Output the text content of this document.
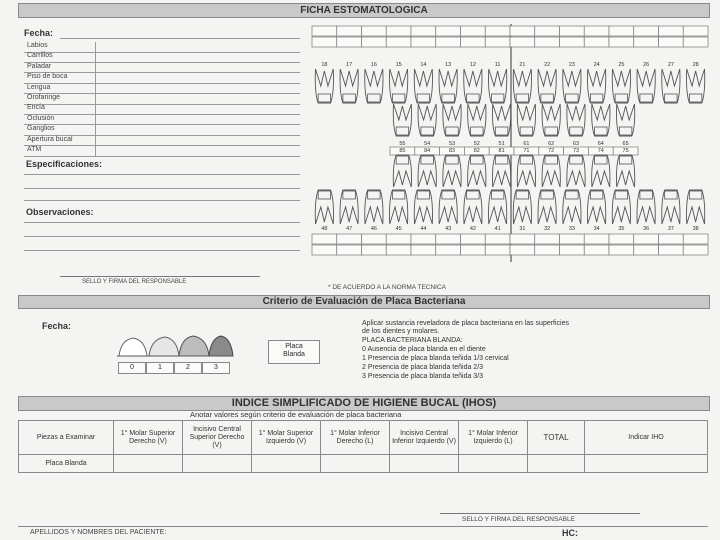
FICHA ESTOMATOLOGICA
Fecha:
Labios
Carrillos
Paladar
Piso de boca
Lengua
Orofaringe
Encía
Oclusión
Ganglios
Apertura bucal
ATM
Especificaciones:
Observaciones:
SELLO Y FIRMA DEL RESPONSABLE
* DE ACUERDO A LA NORMA TECNICA
18	17	16	15	14	13	12	11	21	22	23	24	25	26	27	28
55	54	53	52	51	61	62	63	64	65
85	84	83	82	81	71	72	73	74	75
48	47	46	45	44	43	42	41	31	32	33	34	35	36	37	38
Criterio de Evaluación de Placa Bacteriana
Fecha:
0	1	2	3
Placa Blanda
Aplicar sustancia reveladora de placa bacteriana en las superficies
de los dientes y molares.
PLACA BACTERIANA BLANDA:
0 Ausencia de placa blanda en el diente
1 Presencia de placa blanda teñida 1/3 cervical
2 Presencia de placa blanda teñida 2/3
3 Presencia de placa blanda teñida 3/3
INDICE SIMPLIFICADO DE HIGIENE BUCAL (IHOS)
Anotar valores según criterio de evaluación de placa bacteriana
Piezas a Examinar	1° Molar Superior Derecho (V)	Incisivo Central Superior Derecho (V)	1° Molar Superior Izquierdo (V)	1° Molar Inferior Derecho (L)	Incisivo Central Inferior Izquierdo (V)	1° Molar Inferior Izquierdo (L)	TOTAL	Indicar IHO
Placa Blanda								
SELLO Y FIRMA DEL RESPONSABLE
APELLIDOS Y NOMBRES DEL PACIENTE:	HC:
